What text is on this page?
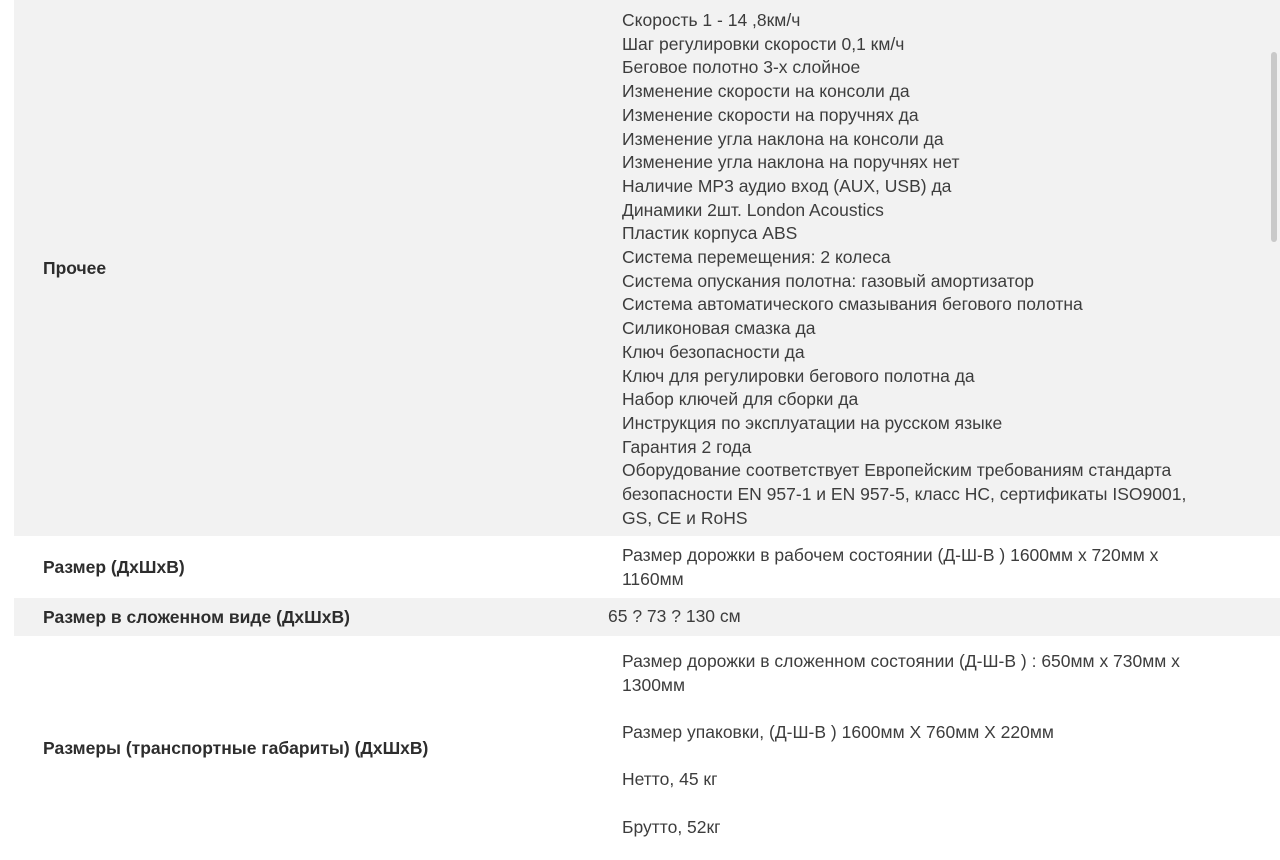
Прочее
Скорость 1 - 14 ,8км/ч
Шаг регулировки скорости 0,1 км/ч
Беговое полотно 3-х слойное
Изменение скорости на консоли да
Изменение скорости на поручнях да
Изменение угла наклона на консоли да
Изменение угла наклона на поручнях нет
Наличие MP3 аудио вход (AUX, USB) да
Динамики 2шт. London Acoustics
Пластик корпуса ABS
Система перемещения: 2 колеса
Система опускания полотна: газовый амортизатор
Система автоматического смазывания бегового полотна
Силиконовая смазка да
Ключ безопасности да
Ключ для регулировки бегового полотна да
Набор ключей для сборки да
Инструкция по эксплуатации на русском языке
Гарантия 2 года
Оборудование соответствует Европейским требованиям стандарта
безопасности EN 957-1 и EN 957-5, класс HC, сертификаты ISO9001,
GS, CE и RoHS
Размер (ДхШхВ)
Размер дорожки в рабочем состоянии (Д-Ш-В ) 1600мм х 720мм х
1160мм
Размер в сложенном виде (ДхШхВ)	65 ? 73 ? 130 см
Размеры (транспортные габариты) (ДхШхВ)
Размер дорожки в сложенном состоянии (Д-Ш-В ) : 650мм х 730мм х
1300мм
Размер упаковки, (Д-Ш-В ) 1600мм Х 760мм Х 220мм
Нетто, 45 кг
Брутто, 52кг
